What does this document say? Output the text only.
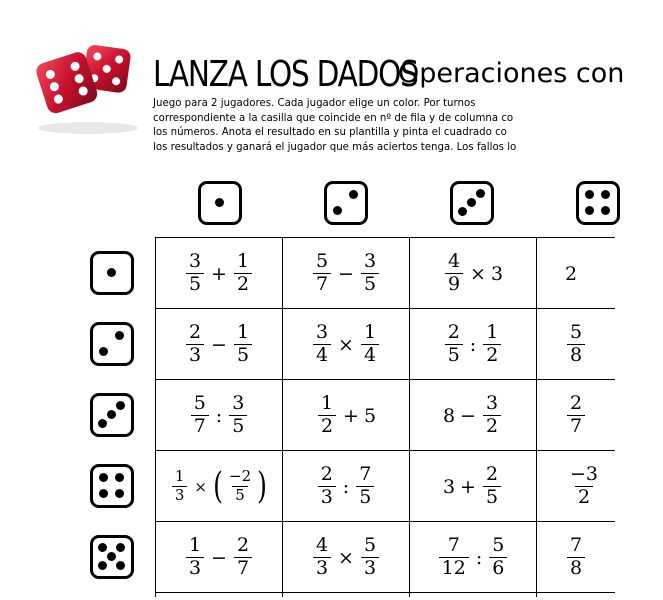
LANZA LOS DADOS
Operaciones con
Juego para 2 jugadores. Cada jugador elige un color. Por turnos
correspondiente a la casilla que coincide en nº de fila y de columna co
los números. Anota el resultado en su plantilla y pinta el cuadrado co
los resultados y ganará el jugador que más aciertos tenga. Los fallos lo
$\frac{3}{5} + \frac{1}{2}$	$\frac{5}{7} - \frac{3}{5}$	$\frac{4}{9} \times 3$	2
$\frac{2}{3} - \frac{1}{5}$	$\frac{3}{4} \times \frac{1}{4}$	$\frac{2}{5}$ : $\frac{1}{2}$	$\frac{5}{8}$
$\frac{5}{7}$ : $\frac{3}{5}$	$\frac{1}{2} + 5$	$8 - \frac{3}{2}$	$\frac{2}{7}$
$\frac{1}{3}$ × ( $\frac{-2}{5}$ )	$\frac{2}{3}$ : $\frac{7}{5}$	$3 + \frac{2}{5}$	$\frac{-3}{2}$
$\frac{1}{3} - \frac{2}{7}$	$\frac{4}{3} \times \frac{5}{3}$	$\frac{7}{12}$ : $\frac{5}{6}$	$\frac{7}{8}$
